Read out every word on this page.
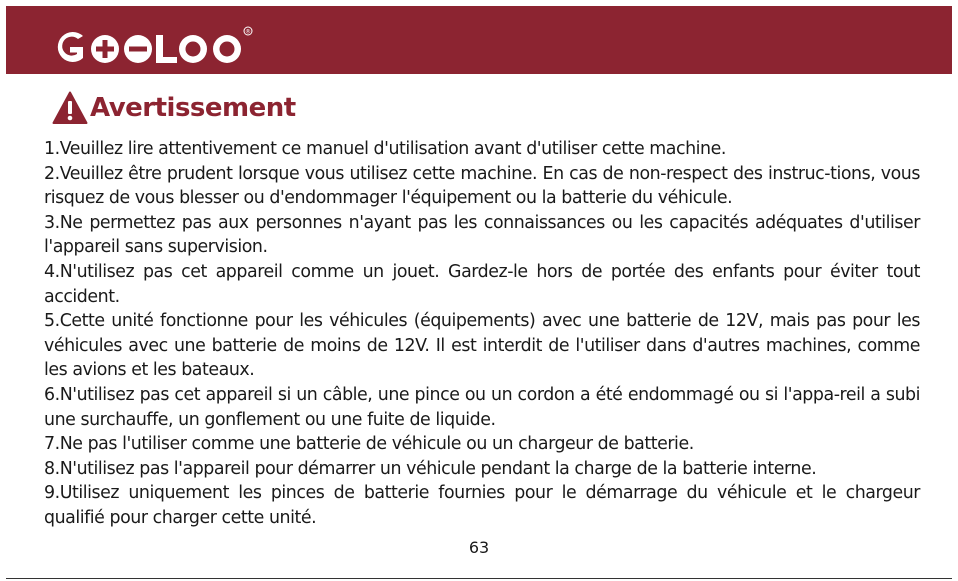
®
Avertissement

1.Veuillez lire attentivement ce manuel d'utilisation avant d'utiliser cette machine.

2.Veuillez être prudent lorsque vous utilisez cette machine. En cas de non-respect des instruc-tions, vous risquez de vous blesser ou d'endommager l'équipement ou la batterie du véhicule.

3.Ne permettez pas aux personnes n'ayant pas les connaissances ou les capacités adéquates d'utiliser l'appareil sans supervision.

4.N'utilisez pas cet appareil comme un jouet. Gardez-le hors de portée des enfants pour éviter tout accident.

5.Cette unité fonctionne pour les véhicules (équipements) avec une batterie de 12V, mais pas pour les véhicules avec une batterie de moins de 12V. Il est interdit de l'utiliser dans d'autres machines, comme les avions et les bateaux.

6.N'utilisez pas cet appareil si un câble, une pince ou un cordon a été endommagé ou si l'appa-reil a subi une surchauffe, un gonflement ou une fuite de liquide.

7.Ne pas l'utiliser comme une batterie de véhicule ou un chargeur de batterie.

8.N'utilisez pas l'appareil pour démarrer un véhicule pendant la charge de la batterie interne.

9.Utilisez uniquement les pinces de batterie fournies pour le démarrage du véhicule et le chargeur qualifié pour charger cette unité.

63
